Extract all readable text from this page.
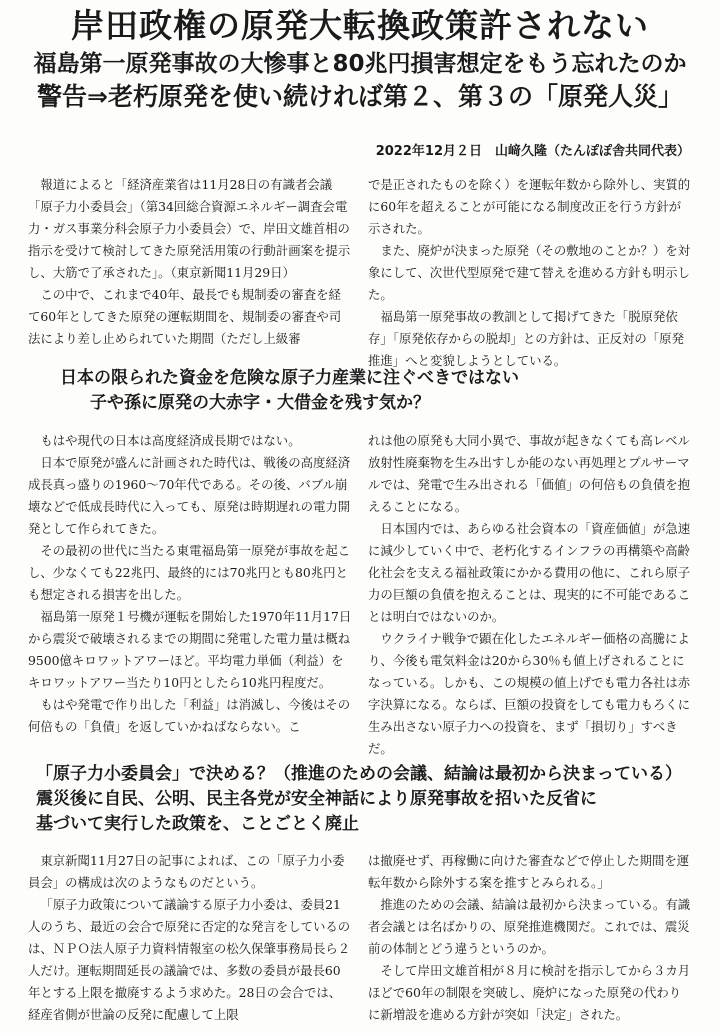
岸田政権の原発大転換政策許されない
福島第一原発事故の大惨事と80兆円損害想定をもう忘れたのか
警告⇒老朽原発を使い続ければ第２、第３の「原発人災」
2022年12月２日　山﨑久隆（たんぽぽ舎共同代表）

報道によると「経済産業省は11月28日の有識者会議「原子力小委員会」（第34回総合資源エネルギー調査会電力・ガス事業分科会原子力小委員会）で、岸田文雄首相の指示を受けて検討してきた原発活用策の行動計画案を提示し、大筋で了承された」。（東京新聞11月29日）

この中で、これまで40年、最長でも規制委の審査を経て60年としてきた原発の運転期間を、規制委の審査や司法により差し止められていた期間（ただし上級審

で是正されたものを除く）を運転年数から除外し、実質的に60年を超えることが可能になる制度改正を行う方針が示された。

また、廃炉が決まった原発（その敷地のことか？）を対象にして、次世代型原発で建て替えを進める方針も明示した。

福島第一原発事故の教訓として掲げてきた「脱原発依存」「原発依存からの脱却」との方針は、正反対の「原発推進」へと変貌しようとしている。

日本の限られた資金を危険な原子力産業に注ぐべきではない
子や孫に原発の大赤字・大借金を残す気か？

もはや現代の日本は高度経済成長期ではない。

日本で原発が盛んに計画された時代は、戦後の高度経済成長真っ盛りの1960～70年代である。その後、バブル崩壊などで低成長時代に入っても、原発は時期遅れの電力開発として作られてきた。

その最初の世代に当たる東電福島第一原発が事故を起こし、少なくても22兆円、最終的には70兆円とも80兆円とも想定される損害を出した。

福島第一原発１号機が運転を開始した1970年11月17日から震災で破壊されるまでの期間に発電した電力量は概ね9500億キロワットアワーほど。平均電力単価（利益）をキロワットアワー当たり10円としたら10兆円程度だ。

もはや発電で作り出した「利益」は消滅し、今後はその何倍もの「負債」を返していかねばならない。こ

れは他の原発も大同小異で、事故が起きなくても高レベル放射性廃棄物を生み出すしか能のない再処理とプルサーマルでは、発電で生み出される「価値」の何倍もの負債を抱えることになる。

日本国内では、あらゆる社会資本の「資産価値」が急速に減少していく中で、老朽化するインフラの再構築や高齢化社会を支える福祉政策にかかる費用の他に、これら原子力の巨額の負債を抱えることは、現実的に不可能であることは明白ではないのか。

ウクライナ戦争で顕在化したエネルギー価格の高騰により、今後も電気料金は20から30％も値上げされることになっている。しかも、この規模の値上げでも電力各社は赤字決算になる。ならば、巨額の投資をしても電力もろくに生み出さない原子力への投資を、まず「損切り」すべきだ。

「原子力小委員会」で決める？（推進のための会議、結論は最初から決まっている）
震災後に自民、公明、民主各党が安全神話により原発事故を招いた反省に
基づいて実行した政策を、ことごとく廃止

東京新聞11月27日の記事によれば、この「原子力小委員会」の構成は次のようなものだという。

「原子力政策について議論する原子力小委は、委員21人のうち、最近の会合で原発に否定的な発言をしているのは、ＮＰＯ法人原子力資料情報室の松久保肇事務局長ら２人だけ。運転期間延長の議論では、多数の委員が最長60年とする上限を撤廃するよう求めた。28日の会合では、経産省側が世論の反発に配慮して上限

は撤廃せず、再稼働に向けた審査などで停止した期間を運転年数から除外する案を推すとみられる。」

推進のための会議、結論は最初から決まっている。有識者会議とは名ばかりの、原発推進機関だ。これでは、震災前の体制とどう違うというのか。

そして岸田文雄首相が８月に検討を指示してから３カ月ほどで60年の制限を突破し、廃炉になった原発の代わりに新増設を進める方針が突如「決定」された。
